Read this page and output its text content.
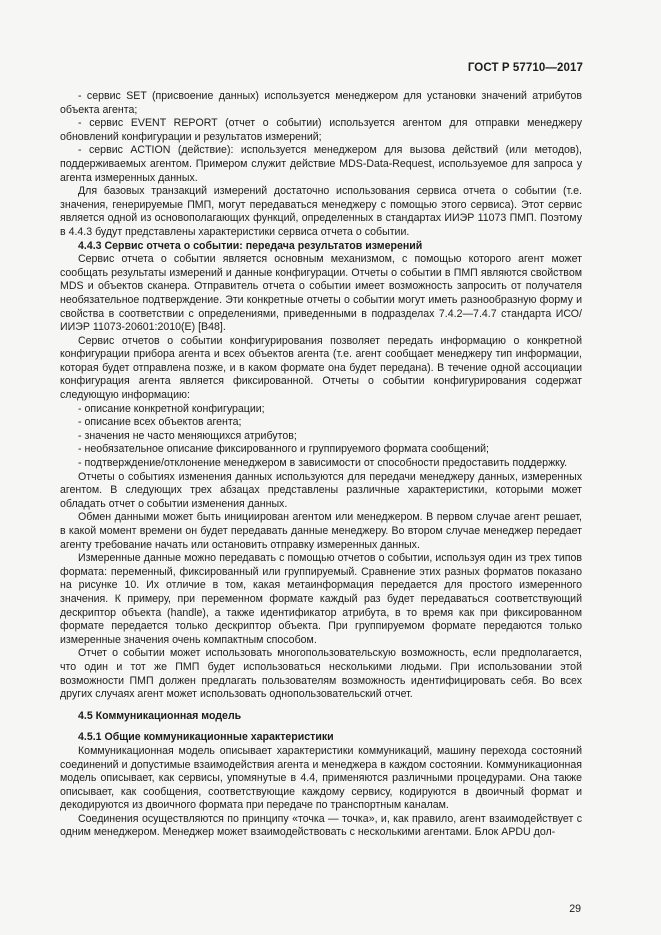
ГОСТ Р 57710—2017
- сервис SET (присвоение данных) используется менеджером для установки значений атрибутов объекта агента;
- сервис EVENT REPORT (отчет о событии) используется агентом для отправки менеджеру обновлений конфигурации и результатов измерений;
- сервис ACTION (действие): используется менеджером для вызова действий (или методов), поддерживаемых агентом. Примером служит действие MDS-Data-Request, используемое для запроса у агента измеренных данных.
Для базовых транзакций измерений достаточно использования сервиса отчета о событии (т.е. значения, генерируемые ПМП, могут передаваться менеджеру с помощью этого сервиса). Этот сервис является одной из основополагающих функций, определенных в стандартах ИИЭР 11073 ПМП. Поэтому в 4.4.3 будут представлены характеристики сервиса отчета о событии.
4.4.3 Сервис отчета о событии: передача результатов измерений
Сервис отчета о событии является основным механизмом, с помощью которого агент может сообщать результаты измерений и данные конфигурации. Отчеты о событии в ПМП являются свойством MDS и объектов сканера. Отправитель отчета о событии имеет возможность запросить от получателя необязательное подтверждение. Эти конкретные отчеты о событии могут иметь разнообразную форму и свойства в соответствии с определениями, приведенными в подразделах 7.4.2—7.4.7 стандарта ИСО/ИИЭР 11073-20601:2010(E) [В48].
Сервис отчетов о событии конфигурирования позволяет передать информацию о конкретной конфигурации прибора агента и всех объектов агента (т.е. агент сообщает менеджеру тип информации, которая будет отправлена позже, и в каком формате она будет передана). В течение одной ассоциации конфигурация агента является фиксированной. Отчеты о событии конфигурирования содержат следующую информацию:
- описание конкретной конфигурации;
- описание всех объектов агента;
- значения не часто меняющихся атрибутов;
- необязательное описание фиксированного и группируемого формата сообщений;
- подтверждение/отклонение менеджером в зависимости от способности предоставить поддержку.
Отчеты о событиях изменения данных используются для передачи менеджеру данных, измеренных агентом. В следующих трех абзацах представлены различные характеристики, которыми может обладать отчет о событии изменения данных.
Обмен данными может быть инициирован агентом или менеджером. В первом случае агент решает, в какой момент времени он будет передавать данные менеджеру. Во втором случае менеджер передает агенту требование начать или остановить отправку измеренных данных.
Измеренные данные можно передавать с помощью отчетов о событии, используя один из трех типов формата: переменный, фиксированный или группируемый. Сравнение этих разных форматов показано на рисунке 10. Их отличие в том, какая метаинформация передается для простого измеренного значения. К примеру, при переменном формате каждый раз будет передаваться соответствующий дескриптор объекта (handle), а также идентификатор атрибута, в то время как при фиксированном формате передается только дескриптор объекта. При группируемом формате передаются только измеренные значения очень компактным способом.
Отчет о событии может использовать многопользовательскую возможность, если предполагается, что один и тот же ПМП будет использоваться несколькими людьми. При использовании этой возможности ПМП должен предлагать пользователям возможность идентифицировать себя. Во всех других случаях агент может использовать однопользовательский отчет.
4.5 Коммуникационная модель
4.5.1 Общие коммуникационные характеристики
Коммуникационная модель описывает характеристики коммуникаций, машину перехода состояний соединений и допустимые взаимодействия агента и менеджера в каждом состоянии. Коммуникационная модель описывает, как сервисы, упомянутые в 4.4, применяются различными процедурами. Она также описывает, как сообщения, соответствующие каждому сервису, кодируются в двоичный формат и декодируются из двоичного формата при передаче по транспортным каналам.
Соединения осуществляются по принципу «точка — точка», и, как правило, агент взаимодействует с одним менеджером. Менеджер может взаимодействовать с несколькими агентами. Блок APDU дол-
29
